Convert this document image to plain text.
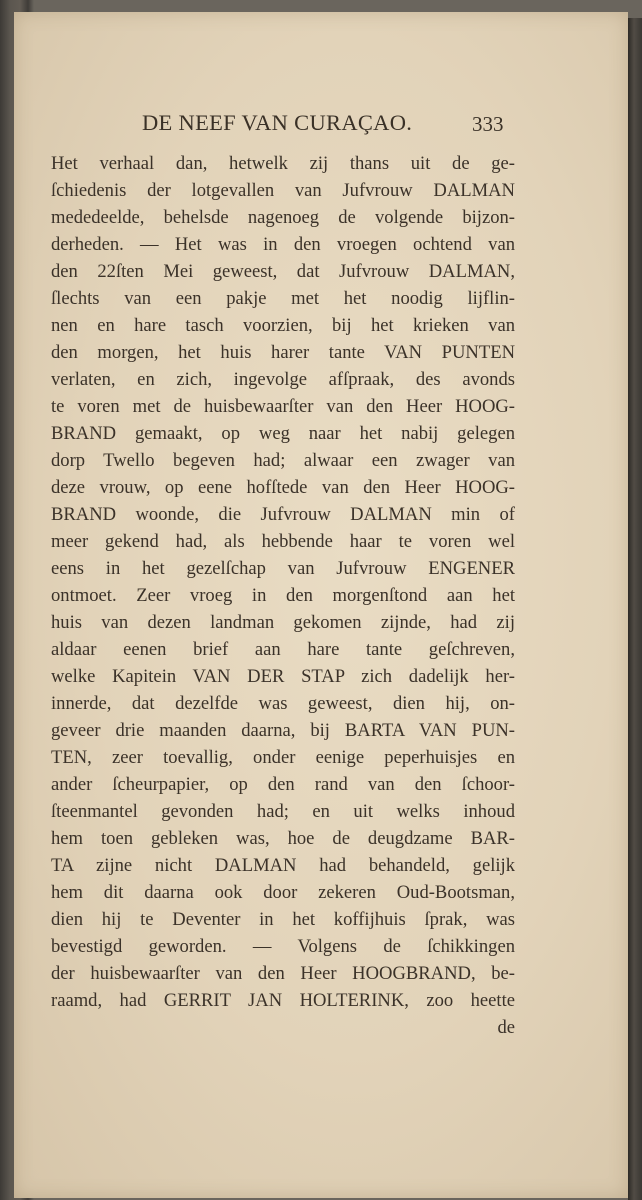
DE NEEF VAN CURAÇAO.	333
Het verhaal dan, hetwelk zij thans uit de ge-
ſchiedenis der lotgevallen van Jufvrouw DALMAN
mededeelde, behelsde nagenoeg de volgende bijzon-
derheden. — Het was in den vroegen ochtend van
den 22ſten Mei geweest, dat Jufvrouw DALMAN,
ſlechts van een pakje met het noodig lijflin-
nen en hare tasch voorzien, bij het krieken van
den morgen, het huis harer tante VAN PUNTEN
verlaten, en zich, ingevolge afſpraak, des avonds
te voren met de huisbewaarſter van den Heer HOOG-
BRAND gemaakt, op weg naar het nabij gelegen
dorp Twello begeven had; alwaar een zwager van
deze vrouw, op eene hofſtede van den Heer HOOG-
BRAND woonde, die Jufvrouw DALMAN min of
meer gekend had, als hebbende haar te voren wel
eens in het gezelſchap van Jufvrouw ENGENER
ontmoet. Zeer vroeg in den morgenſtond aan het
huis van dezen landman gekomen zijnde, had zij
aldaar eenen brief aan hare tante geſchreven,
welke Kapitein VAN DER STAP zich dadelijk her-
innerde, dat dezelfde was geweest, dien hij, on-
geveer drie maanden daarna, bij BARTA VAN PUN-
TEN, zeer toevallig, onder eenige peperhuisjes en
ander ſcheurpapier, op den rand van den ſchoor-
ſteenmantel gevonden had; en uit welks inhoud
hem toen gebleken was, hoe de deugdzame BAR-
TA zijne nicht DALMAN had behandeld, gelijk
hem dit daarna ook door zekeren Oud-Bootsman,
dien hij te Deventer in het koffijhuis ſprak, was
bevestigd geworden. — Volgens de ſchikkingen
der huisbewaarſter van den Heer HOOGBRAND, be-
raamd, had GERRIT JAN HOLTERINK, zoo heette
de
